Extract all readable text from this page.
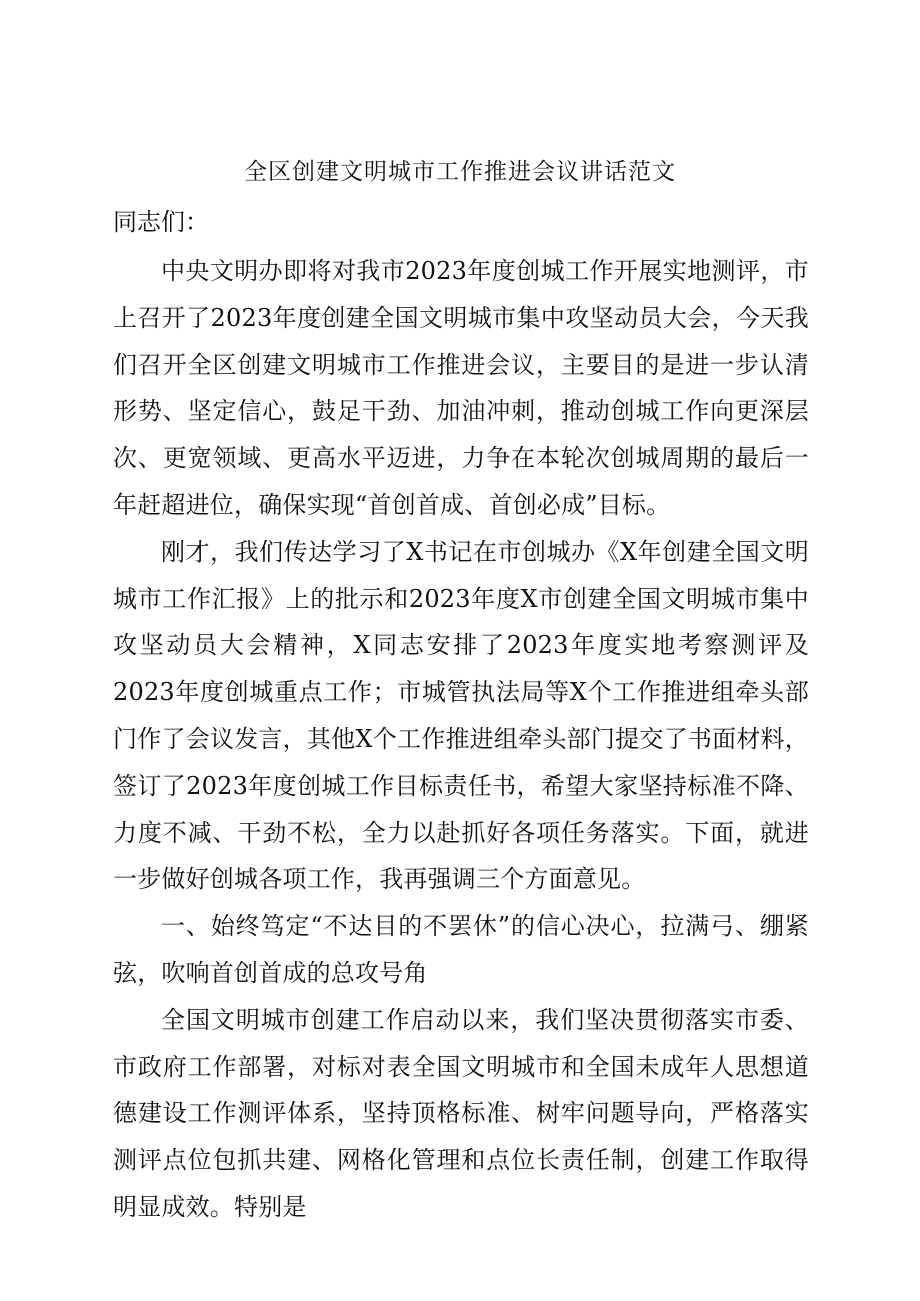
全区创建文明城市工作推进会议讲话范文

同志们：

中央文明办即将对我市2023年度创城工作开展实地测评，市上召开了2023年度创建全国文明城市集中攻坚动员大会，今天我们召开全区创建文明城市工作推进会议，主要目的是进一步认清形势、坚定信心，鼓足干劲、加油冲刺，推动创城工作向更深层次、更宽领域、更高水平迈进，力争在本轮次创城周期的最后一年赶超进位，确保实现“首创首成、首创必成”目标。

刚才，我们传达学习了X书记在市创城办《X年创建全国文明城市工作汇报》上的批示和2023年度X市创建全国文明城市集中攻坚动员大会精神，X同志安排了2023年度实地考察测评及2023年度创城重点工作；市城管执法局等X个工作推进组牵头部门作了会议发言，其他X个工作推进组牵头部门提交了书面材料，签订了2023年度创城工作目标责任书，希望大家坚持标准不降、力度不减、干劲不松，全力以赴抓好各项任务落实。下面，就进一步做好创城各项工作，我再强调三个方面意见。

一、始终笃定“不达目的不罢休”的信心决心，拉满弓、绷紧弦，吹响首创首成的总攻号角

全国文明城市创建工作启动以来，我们坚决贯彻落实市委、市政府工作部署，对标对表全国文明城市和全国未成年人思想道德建设工作测评体系，坚持顶格标准、树牢问题导向，严格落实测评点位包抓共建、网格化管理和点位长责任制，创建工作取得明显成效。特别是
